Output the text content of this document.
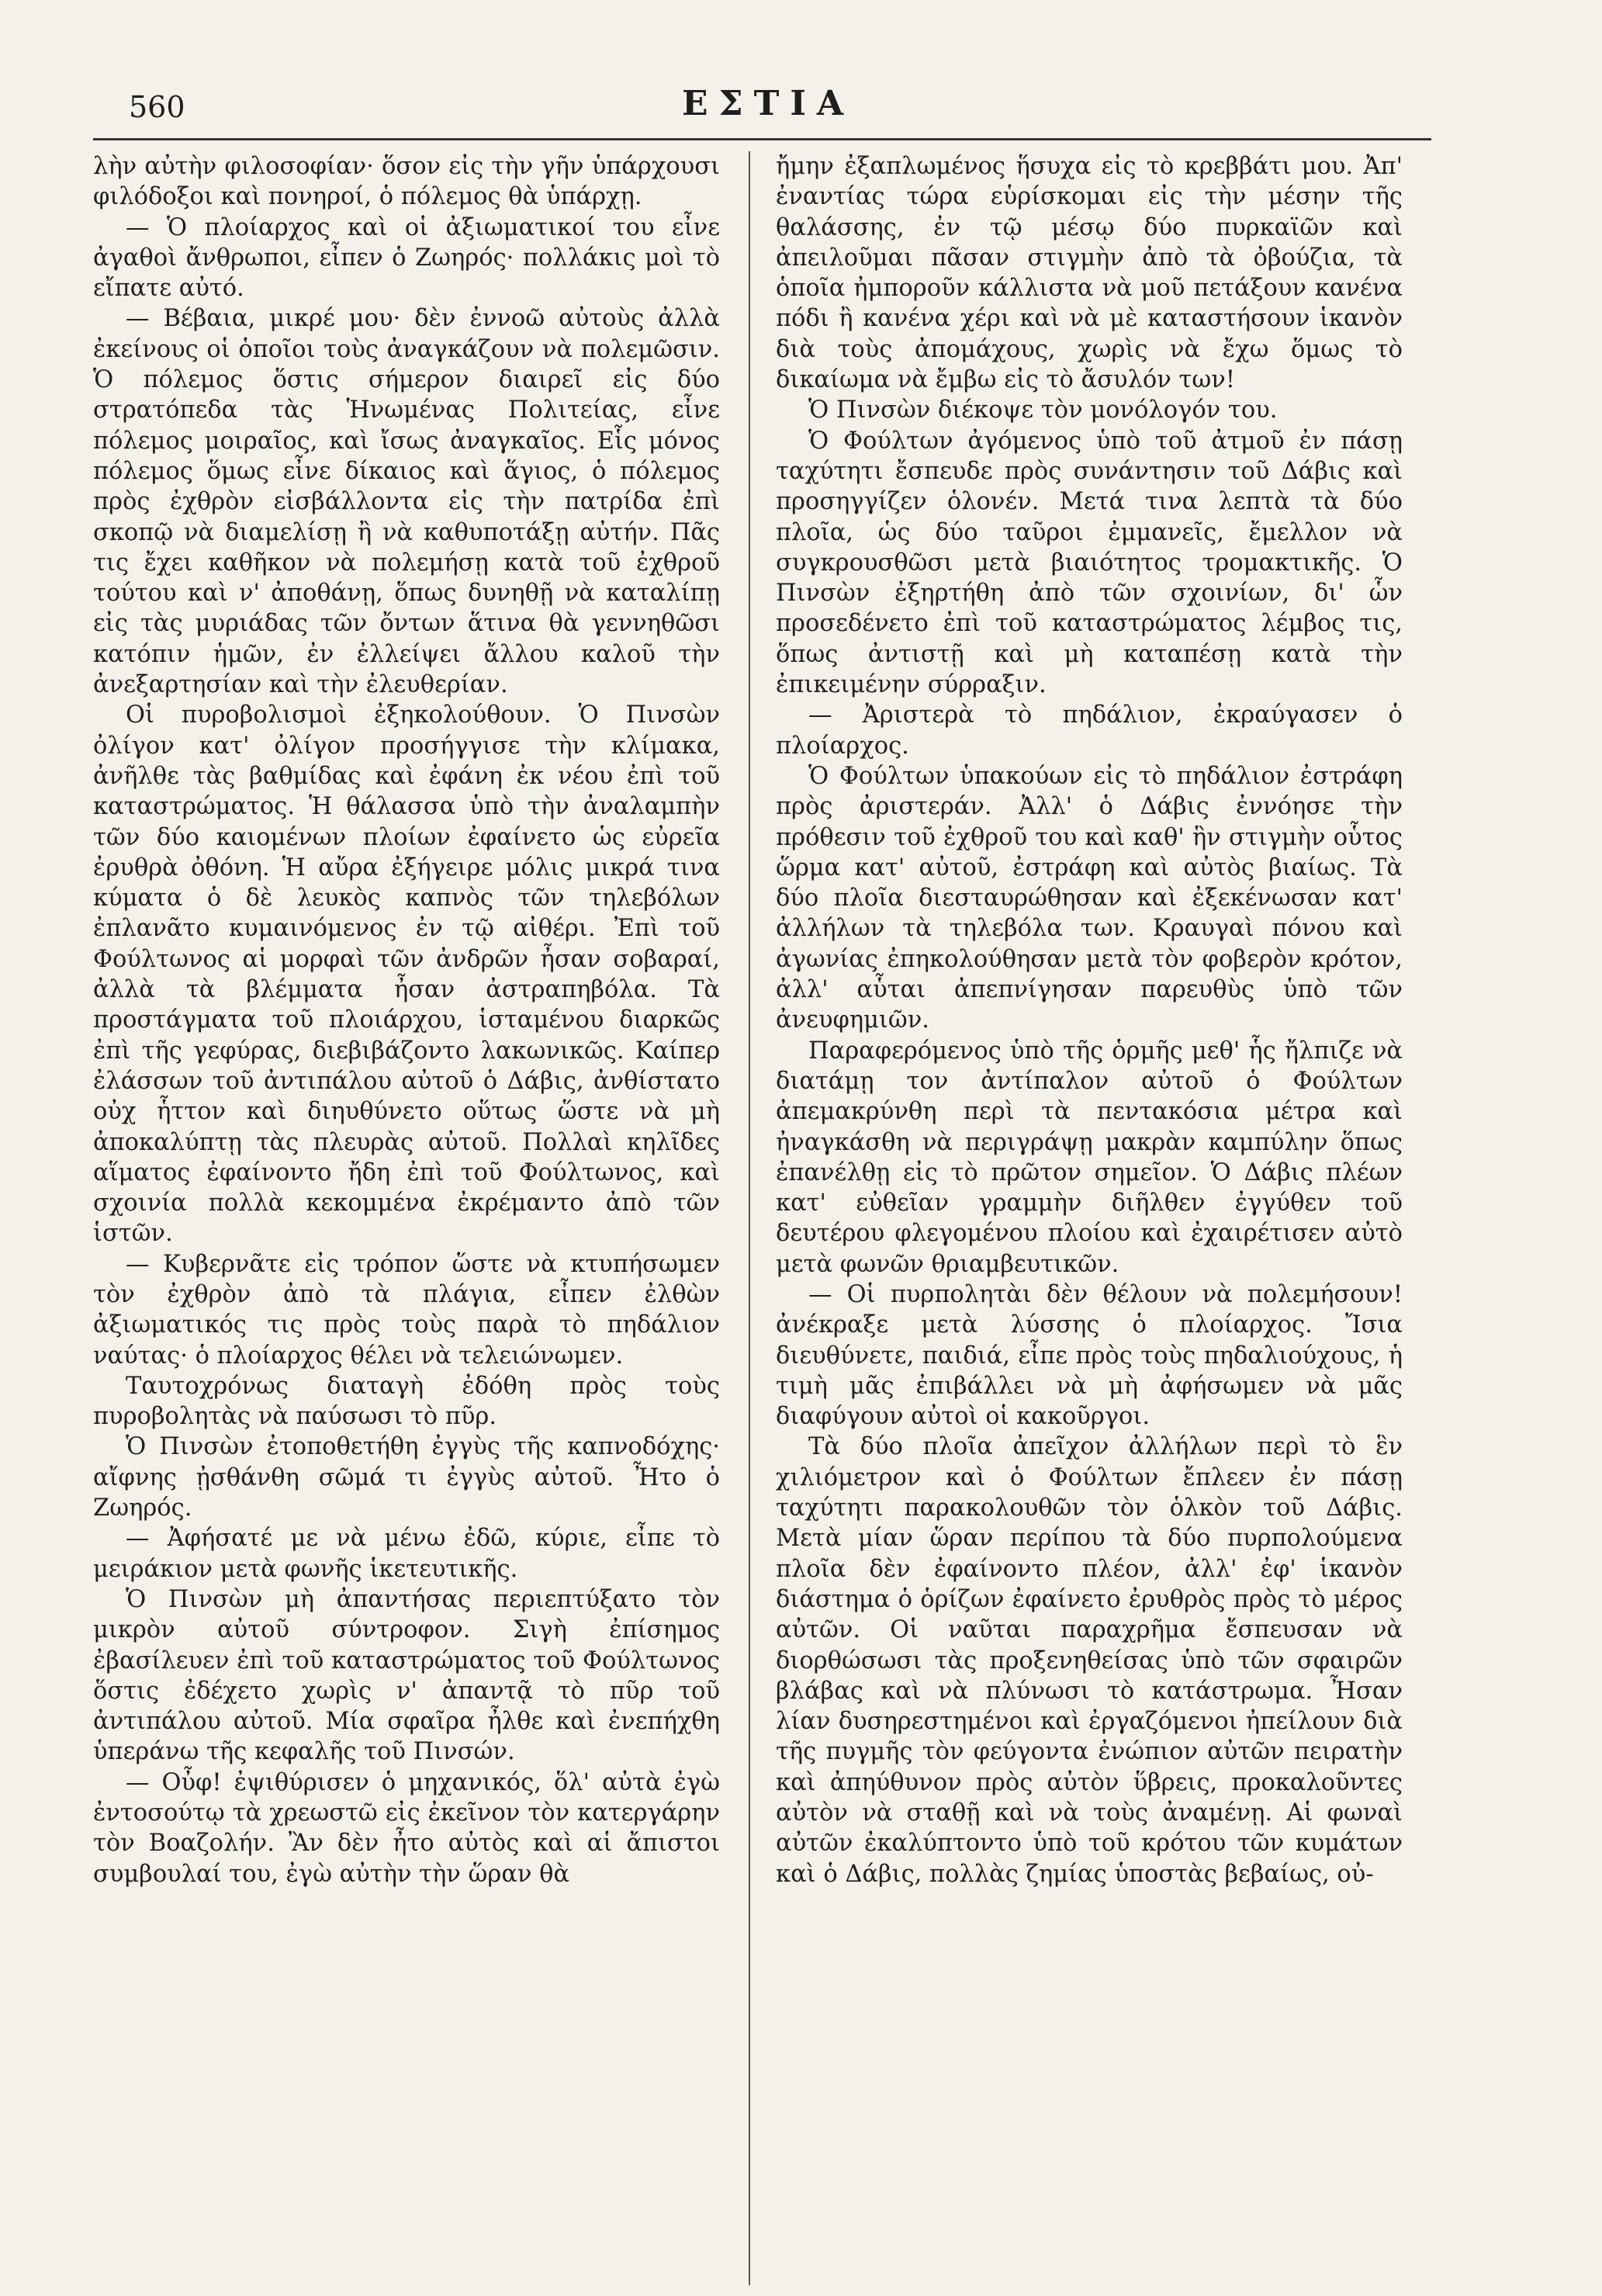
560	ΕΣΤΙΑ

λὴν αὐτὴν φιλοσοφίαν· ὅσον εἰς τὴν γῆν ὑπάρχουσι φιλόδοξοι καὶ πονηροί, ὁ πόλεμος θὰ ὑπάρχῃ.

— Ὁ πλοίαρχος καὶ οἱ ἀξιωματικοί του εἶνε ἀγαθοὶ ἄνθρωποι, εἶπεν ὁ Ζωηρός· πολλάκις μοὶ τὸ εἴπατε αὐτό.

— Βέβαια, μικρέ μου· δὲν ἐννοῶ αὐτοὺς ἀλλὰ ἐκείνους οἱ ὁποῖοι τοὺς ἀναγκάζουν νὰ πολεμῶσιν. Ὁ πόλεμος ὅστις σήμερον διαιρεῖ εἰς δύο στρατόπεδα τὰς Ἡνωμένας Πολιτείας, εἶνε πόλεμος μοιραῖος, καὶ ἴσως ἀναγκαῖος. Εἷς μόνος πόλεμος ὅμως εἶνε δίκαιος καὶ ἅγιος, ὁ πόλεμος πρὸς ἐχθρὸν εἰσβάλλοντα εἰς τὴν πατρίδα ἐπὶ σκοπῷ νὰ διαμελίσῃ ἢ νὰ καθυποτάξῃ αὐτήν. Πᾶς τις ἔχει καθῆκον νὰ πολεμήσῃ κατὰ τοῦ ἐχθροῦ τούτου καὶ ν' ἀποθάνῃ, ὅπως δυνηθῇ νὰ καταλίπῃ εἰς τὰς μυριάδας τῶν ὄντων ἅτινα θὰ γεννηθῶσι κατόπιν ἡμῶν, ἐν ἐλλείψει ἄλλου καλοῦ τὴν ἀνεξαρτησίαν καὶ τὴν ἐλευθερίαν.

Οἱ πυροβολισμοὶ ἐξηκολούθουν. Ὁ Πινσὼν ὀλίγον κατ' ὀλίγον προσήγγισε τὴν κλίμακα, ἀνῆλθε τὰς βαθμίδας καὶ ἐφάνη ἐκ νέου ἐπὶ τοῦ καταστρώματος. Ἡ θάλασσα ὑπὸ τὴν ἀναλαμπὴν τῶν δύο καιομένων πλοίων ἐφαίνετο ὡς εὐρεῖα ἐρυθρὰ ὀθόνη. Ἡ αὔρα ἐξήγειρε μόλις μικρά τινα κύματα ὁ δὲ λευκὸς καπνὸς τῶν τηλεβόλων ἐπλανᾶτο κυμαινόμενος ἐν τῷ αἰθέρι. Ἐπὶ τοῦ Φούλτωνος αἱ μορφαὶ τῶν ἀνδρῶν ἦσαν σοβαραί, ἀλλὰ τὰ βλέμματα ἦσαν ἀστραπηβόλα. Τὰ προστάγματα τοῦ πλοιάρχου, ἱσταμένου διαρκῶς ἐπὶ τῆς γεφύρας, διεβιβάζοντο λακωνικῶς. Καίπερ ἐλάσσων τοῦ ἀντιπάλου αὐτοῦ ὁ Δάβις, ἀνθίστατο οὐχ ἧττον καὶ διηυθύνετο οὕτως ὥστε νὰ μὴ ἀποκαλύπτῃ τὰς πλευρὰς αὐτοῦ. Πολλαὶ κηλῖδες αἵματος ἐφαίνοντο ἤδη ἐπὶ τοῦ Φούλτωνος, καὶ σχοινία πολλὰ κεκομμένα ἐκρέμαντο ἀπὸ τῶν ἱστῶν.

— Κυβερνᾶτε εἰς τρόπον ὥστε νὰ κτυπήσωμεν τὸν ἐχθρὸν ἀπὸ τὰ πλάγια, εἶπεν ἐλθὼν ἀξιωματικός τις πρὸς τοὺς παρὰ τὸ πηδάλιον ναύτας· ὁ πλοίαρχος θέλει νὰ τελειώνωμεν.

Ταυτοχρόνως διαταγὴ ἐδόθη πρὸς τοὺς πυροβολητὰς νὰ παύσωσι τὸ πῦρ.

Ὁ Πινσὼν ἐτοποθετήθη ἐγγὺς τῆς καπνοδόχης· αἴφνης ᾐσθάνθη σῶμά τι ἐγγὺς αὐτοῦ. Ἦτο ὁ Ζωηρός.

— Ἀφήσατέ με νὰ μένω ἐδῶ, κύριε, εἶπε τὸ μειράκιον μετὰ φωνῆς ἱκετευτικῆς.

Ὁ Πινσὼν μὴ ἀπαντήσας περιεπτύξατο τὸν μικρὸν αὐτοῦ σύντροφον. Σιγὴ ἐπίσημος ἐβασίλευεν ἐπὶ τοῦ καταστρώματος τοῦ Φούλτωνος ὅστις ἐδέχετο χωρὶς ν' ἀπαντᾷ τὸ πῦρ τοῦ ἀντιπάλου αὐτοῦ. Μία σφαῖρα ἦλθε καὶ ἐνεπήχθη ὑπεράνω τῆς κεφαλῆς τοῦ Πινσών.

— Οὖφ! ἐψιθύρισεν ὁ μηχανικός, ὅλ' αὐτὰ ἐγὼ ἐντοσούτῳ τὰ χρεωστῶ εἰς ἐκεῖνον τὸν κατεργάρην τὸν Βοαζολήν. Ἂν δὲν ἦτο αὐτὸς καὶ αἱ ἄπιστοι συμβουλαί του, ἐγὼ αὐτὴν τὴν ὥραν θὰ

ἤμην ἐξαπλωμένος ἥσυχα εἰς τὸ κρεββάτι μου. Ἀπ' ἐναντίας τώρα εὑρίσκομαι εἰς τὴν μέσην τῆς θαλάσσης, ἐν τῷ μέσῳ δύο πυρκαϊῶν καὶ ἀπειλοῦμαι πᾶσαν στιγμὴν ἀπὸ τὰ ὀβούζια, τὰ ὁποῖα ἠμποροῦν κάλλιστα νὰ μοῦ πετάξουν κανένα πόδι ἢ κανένα χέρι καὶ νὰ μὲ καταστήσουν ἱκανὸν διὰ τοὺς ἀπομάχους, χωρὶς νὰ ἔχω ὅμως τὸ δικαίωμα νὰ ἔμβω εἰς τὸ ἄσυλόν των!

Ὁ Πινσὼν διέκοψε τὸν μονόλογόν του.

Ὁ Φούλτων ἀγόμενος ὑπὸ τοῦ ἀτμοῦ ἐν πάσῃ ταχύτητι ἔσπευδε πρὸς συνάντησιν τοῦ Δάβις καὶ προσηγγίζεν ὁλονέν. Μετά τινα λεπτὰ τὰ δύο πλοῖα, ὡς δύο ταῦροι ἐμμανεῖς, ἔμελλον νὰ συγκρουσθῶσι μετὰ βιαιότητος τρομακτικῆς. Ὁ Πινσὼν ἐξηρτήθη ἀπὸ τῶν σχοινίων, δι' ὧν προσεδένετο ἐπὶ τοῦ καταστρώματος λέμβος τις, ὅπως ἀντιστῇ καὶ μὴ καταπέσῃ κατὰ τὴν ἐπικειμένην σύρραξιν.

— Ἀριστερὰ τὸ πηδάλιον, ἐκραύγασεν ὁ πλοίαρχος.

Ὁ Φούλτων ὑπακούων εἰς τὸ πηδάλιον ἐστράφη πρὸς ἀριστεράν. Ἀλλ' ὁ Δάβις ἐννόησε τὴν πρόθεσιν τοῦ ἐχθροῦ του καὶ καθ' ἣν στιγμὴν οὗτος ὥρμα κατ' αὐτοῦ, ἐστράφη καὶ αὐτὸς βιαίως. Τὰ δύο πλοῖα διεσταυρώθησαν καὶ ἐξεκένωσαν κατ' ἀλλήλων τὰ τηλεβόλα των. Κραυγαὶ πόνου καὶ ἀγωνίας ἐπηκολούθησαν μετὰ τὸν φοβερὸν κρότον, ἀλλ' αὗται ἀπεπνίγησαν παρευθὺς ὑπὸ τῶν ἀνευφημιῶν.

Παραφερόμενος ὑπὸ τῆς ὁρμῆς μεθ' ἧς ἤλπιζε νὰ διατάμῃ τον ἀντίπαλον αὐτοῦ ὁ Φούλτων ἀπεμακρύνθη περὶ τὰ πεντακόσια μέτρα καὶ ἠναγκάσθη νὰ περιγράψῃ μακρὰν καμπύλην ὅπως ἐπανέλθῃ εἰς τὸ πρῶτον σημεῖον. Ὁ Δάβις πλέων κατ' εὐθεῖαν γραμμὴν διῆλθεν ἐγγύθεν τοῦ δευτέρου φλεγομένου πλοίου καὶ ἐχαιρέτισεν αὐτὸ μετὰ φωνῶν θριαμβευτικῶν.

— Οἱ πυρπολητὰι δὲν θέλουν νὰ πολεμήσουν! ἀνέκραξε μετὰ λύσσης ὁ πλοίαρχος. Ἴσια διευθύνετε, παιδιά, εἶπε πρὸς τοὺς πηδαλιούχους, ἡ τιμὴ μᾶς ἐπιβάλλει νὰ μὴ ἀφήσωμεν νὰ μᾶς διαφύγουν αὐτοὶ οἱ κακοῦργοι.

Τὰ δύο πλοῖα ἀπεῖχον ἀλλήλων περὶ τὸ ἓν χιλιόμετρον καὶ ὁ Φούλτων ἔπλεεν ἐν πάσῃ ταχύτητι παρακολουθῶν τὸν ὁλκὸν τοῦ Δάβις. Μετὰ μίαν ὥραν περίπου τὰ δύο πυρπολούμενα πλοῖα δὲν ἐφαίνοντο πλέον, ἀλλ' ἐφ' ἱκανὸν διάστημα ὁ ὁρίζων ἐφαίνετο ἐρυθρὸς πρὸς τὸ μέρος αὐτῶν. Οἱ ναῦται παραχρῆμα ἔσπευσαν νὰ διορθώσωσι τὰς προξενηθείσας ὑπὸ τῶν σφαιρῶν βλάβας καὶ νὰ πλύνωσι τὸ κατάστρωμα. Ἦσαν λίαν δυσηρεστημένοι καὶ ἐργαζόμενοι ἠπείλουν διὰ τῆς πυγμῆς τὸν φεύγοντα ἐνώπιον αὐτῶν πειρατὴν καὶ ἀπηύθυνον πρὸς αὐτὸν ὕβρεις, προκαλοῦντες αὐτὸν νὰ σταθῇ καὶ νὰ τοὺς ἀναμένῃ. Αἱ φωναὶ αὐτῶν ἐκαλύπτοντο ὑπὸ τοῦ κρότου τῶν κυμάτων καὶ ὁ Δάβις, πολλὰς ζημίας ὑποστὰς βεβαίως, οὐ-
